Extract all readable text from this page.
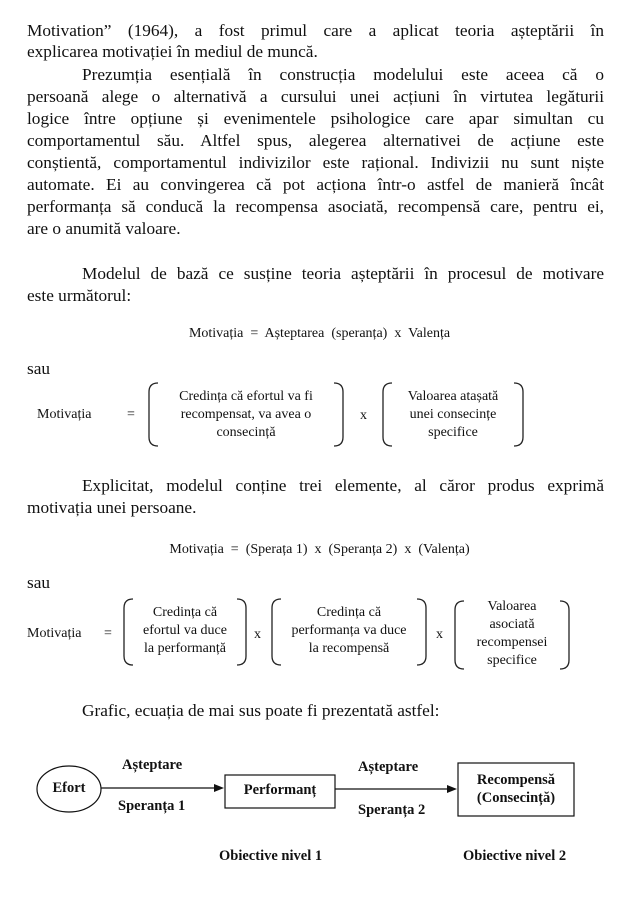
Motivation” (1964), a fost primul care a aplicat teoria așteptării în
explicarea motivației în mediul de muncă.
Prezumția esențială în construcția modelului este aceea că o
persoană alege o alternativă a cursului unei acțiuni în virtutea legăturii
logice între opțiune și evenimentele psihologice care apar simultan cu
comportamentul său. Altfel spus, alegerea alternativei de acțiune este
conștientă, comportamentul indivizilor este rațional. Indivizii nu sunt niște
automate. Ei au convingerea că pot acționa într-o astfel de manieră încât
performanța să conducă la recompensa asociată, recompensă care, pentru ei,
are o anumită valoare.
Modelul de bază ce susține teoria așteptării în procesul de motivare
este următorul:
Motivația  =  Așteptarea  (speranța)  x  Valența
sau
Motivația	=
Credința că efortul va fi
recompensat, va avea o
consecință
x
Valoarea atașată
unei consecințe
specifice
Explicitat, modelul conține trei elemente, al căror produs exprimă
motivația unei persoane.
Motivația  =  (Sperața 1)  x  (Speranța 2)  x  (Valența)
sau
Motivația =
Credința că
efortul va duce
la performanță
x
Credința că
performanța va duce
la recompensă
x
Valoarea
asociată
recompensei
specifice
Grafic, ecuația de mai sus poate fi prezentată astfel:
Efort	Performanț
Recompensă
(Consecință)
Așteptare
Speranța 1
Așteptare
Speranța 2
Obiective nivel 1	Obiective nivel 2
